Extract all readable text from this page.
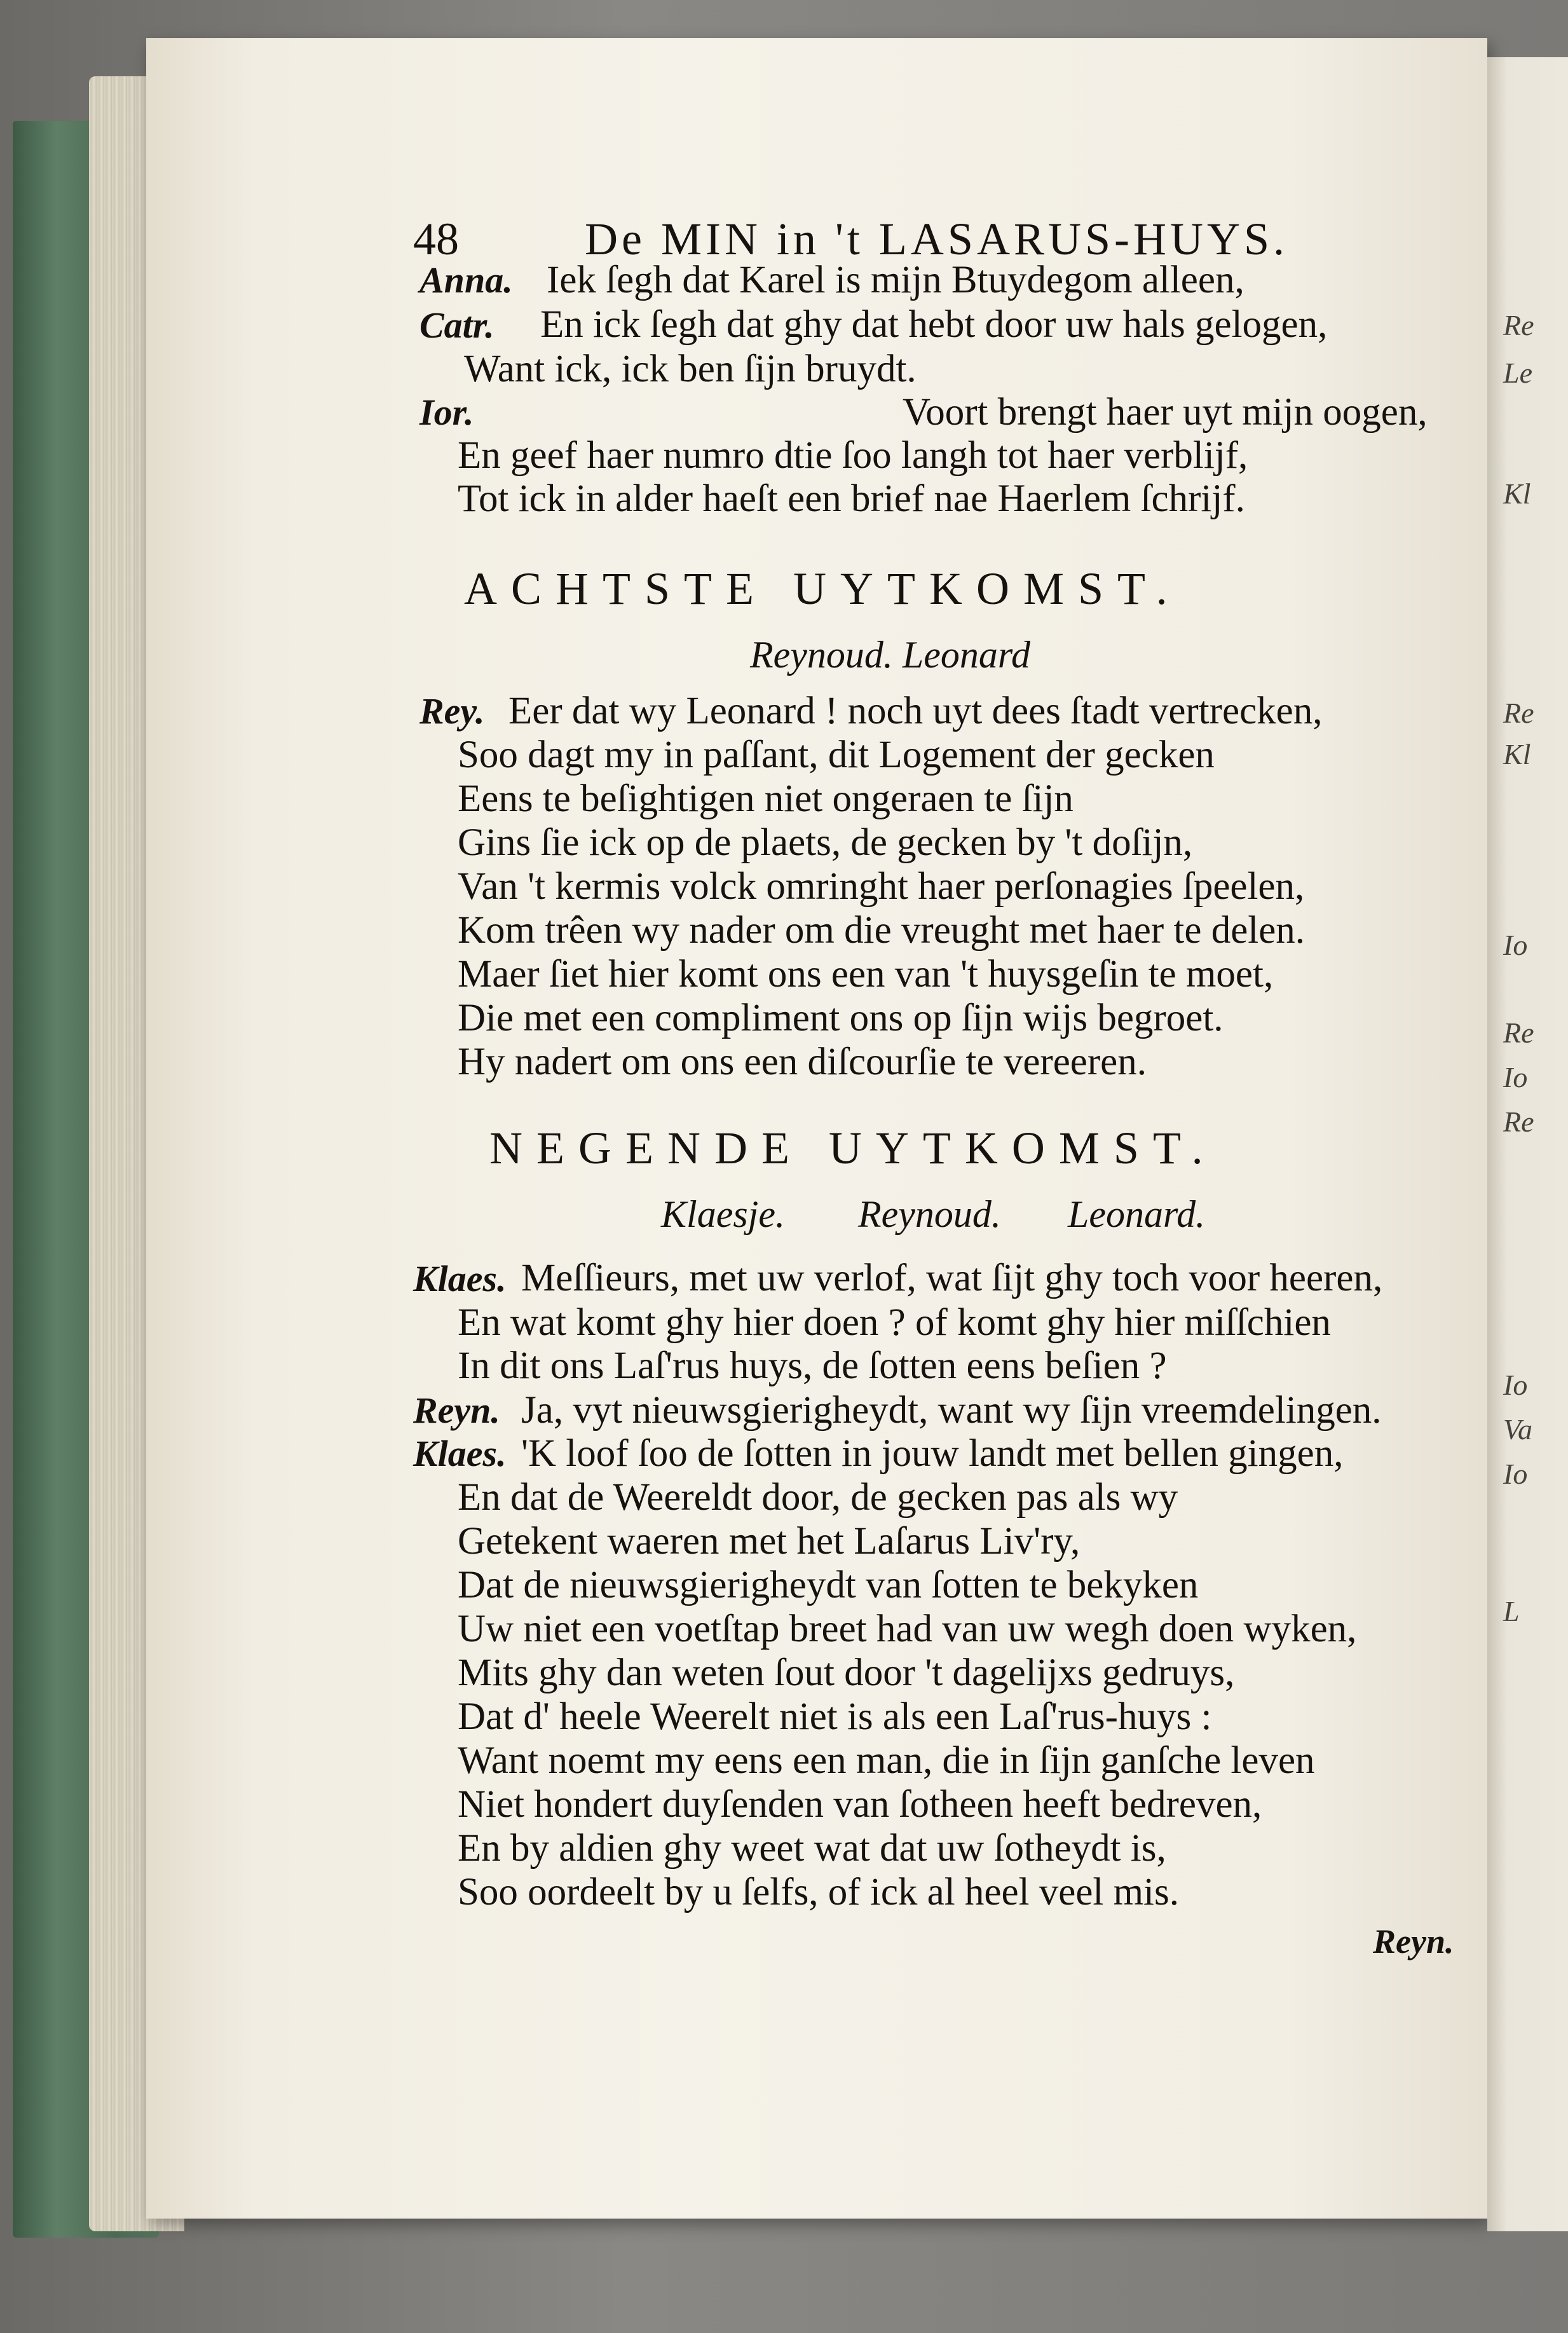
Re
Le
Kl
Re
Kl
Io
Re
Io
Re
Io
Va
Io
L
48	De MIN in 't LASARUS-HUYS.
Anna. Iek ſegh dat Karel is mijn Btuydegom alleen,
Catr. En ick ſegh dat ghy dat hebt door uw hals gelogen,
Want ick, ick ben ſijn bruydt.
Ior.	Voort brengt haer uyt mijn oogen,
En geef haer numro dtie ſoo langh tot haer verblijf,
Tot ick in alder haeſt een brief nae Haerlem ſchrijf.
ACHTSTE UYTKOMST.
Reynoud. Leonard
Rey. Eer dat wy Leonard ! noch uyt dees ſtadt vertrecken,
Soo dagt my in paſſant, dit Logement der gecken
Eens te beſightigen niet ongeraen te ſijn
Gins ſie ick op de plaets, de gecken by 't doſijn,
Van 't kermis volck omringht haer perſonagies ſpeelen,
Kom trêen wy nader om die vreught met haer te delen.
Maer ſiet hier komt ons een van 't huysgeſin te moet,
Die met een compliment ons op ſijn wijs begroet.
Hy nadert om ons een diſcourſie te vereeren.
NEGENDE UYTKOMST.
Klaesje. Reynoud. Leonard.
Klaes. Meſſieurs, met uw verlof, wat ſijt ghy toch voor heeren,
En wat komt ghy hier doen ? of komt ghy hier miſſchien
In dit ons Laſ'rus huys, de ſotten eens beſien ?
Reyn. Ja, vyt nieuwsgierigheydt, want wy ſijn vreemdelingen.
Klaes. 'K loof ſoo de ſotten in jouw landt met bellen gingen,
En dat de Weereldt door, de gecken pas als wy
Getekent waeren met het Laſarus Liv'ry,
Dat de nieuwsgierigheydt van ſotten te bekyken
Uw niet een voetſtap breet had van uw wegh doen wyken,
Mits ghy dan weten ſout door 't dagelijxs gedruys,
Dat d' heele Weerelt niet is als een Laſ'rus-huys :
Want noemt my eens een man, die in ſijn ganſche leven
Niet hondert duyſenden van ſotheen heeft bedreven,
En by aldien ghy weet wat dat uw ſotheydt is,
Soo oordeelt by u ſelfs, of ick al heel veel mis.
Reyn.
